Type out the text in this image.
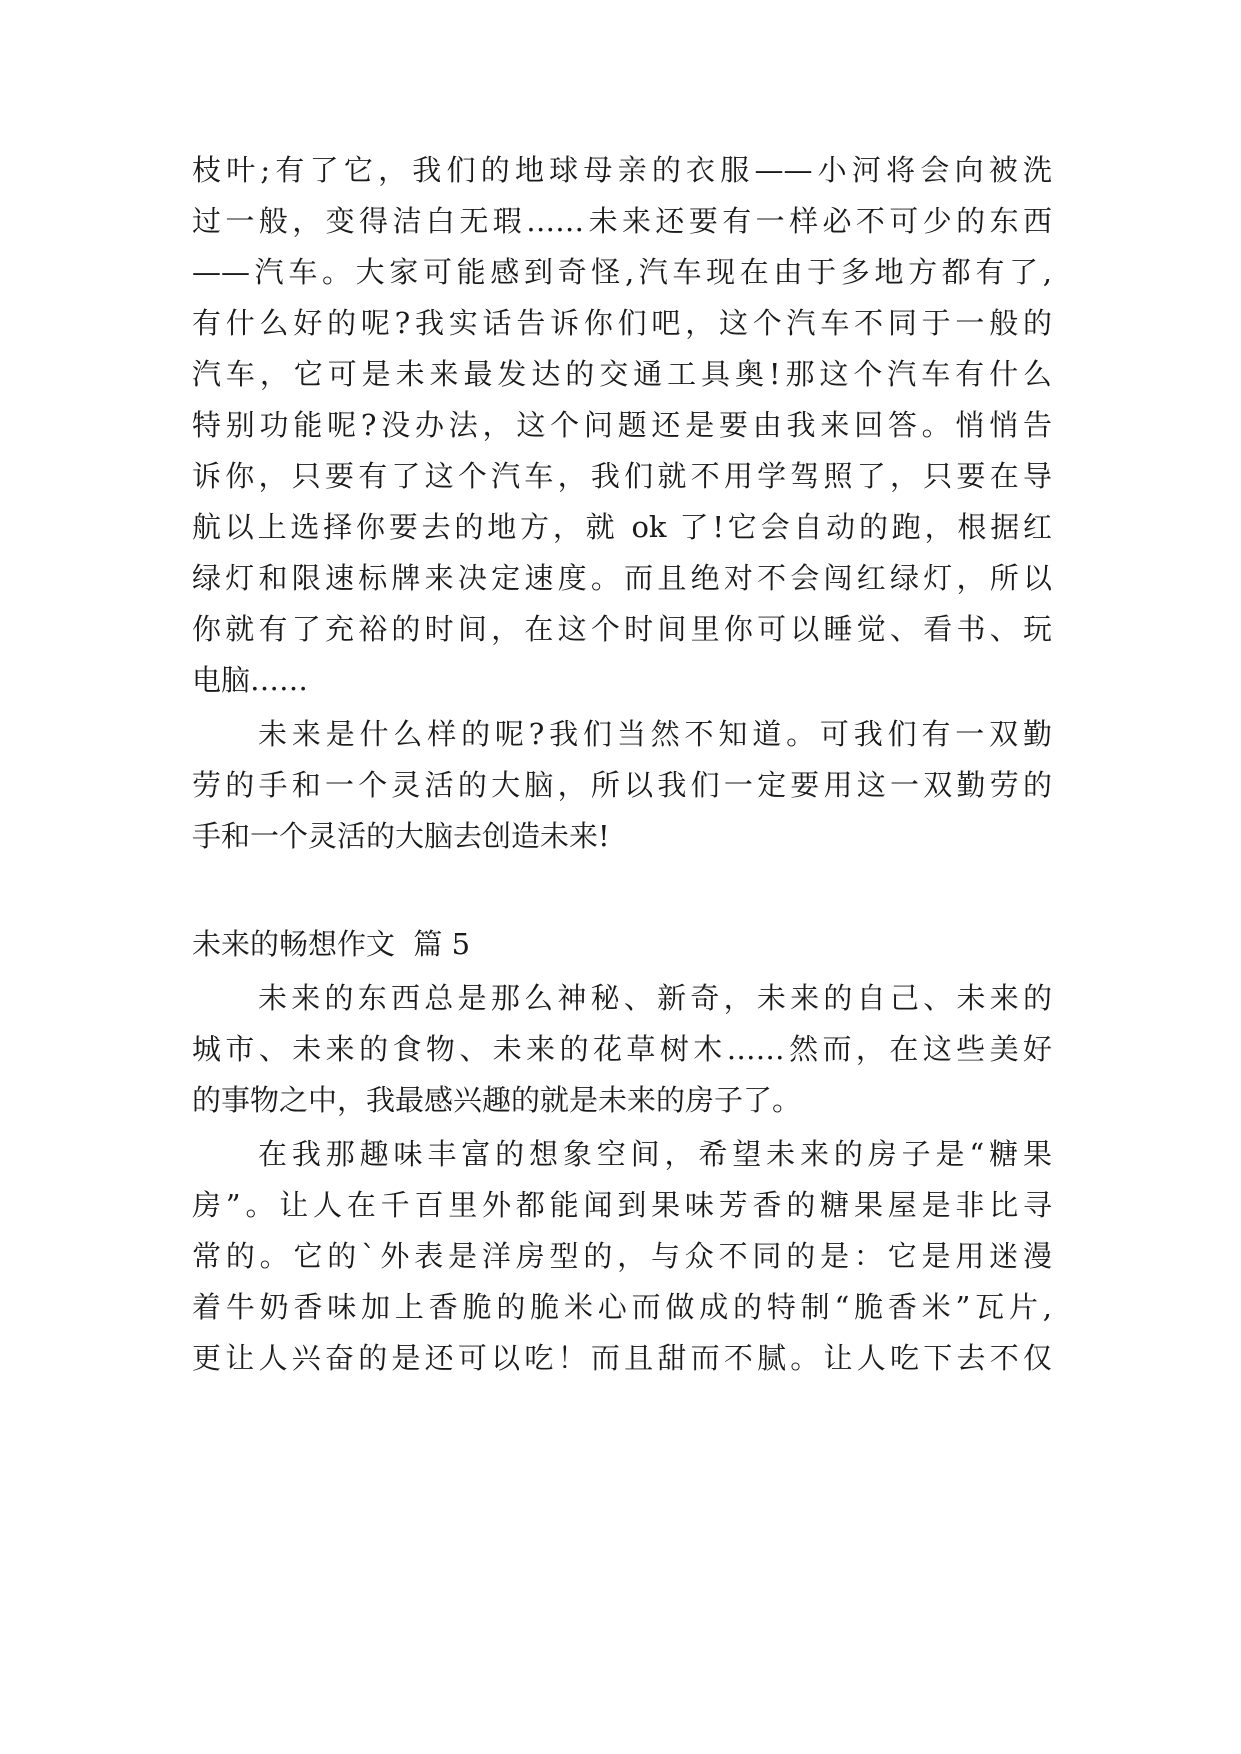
枝叶;有了它，我们的地球母亲的衣服——小河将会向被洗
过一般，变得洁白无瑕……未来还要有一样必不可少的东西
——汽车。大家可能感到奇怪,汽车现在由于多地方都有了,
有什么好的呢?我实话告诉你们吧，这个汽车不同于一般的
汽车，它可是未来最发达的交通工具奥!那这个汽车有什么
特别功能呢?没办法，这个问题还是要由我来回答。悄悄告
诉你，只要有了这个汽车，我们就不用学驾照了，只要在导
航以上选择你要去的地方，就 ok 了!它会自动的跑，根据红
绿灯和限速标牌来决定速度。而且绝对不会闯红绿灯，所以
你就有了充裕的时间，在这个时间里你可以睡觉、看书、玩
电脑……
未来是什么样的呢?我们当然不知道。可我们有一双勤
劳的手和一个灵活的大脑，所以我们一定要用这一双勤劳的
手和一个灵活的大脑去创造未来!
未来的畅想作文  篇 5
未来的东西总是那么神秘、新奇，未来的自己、未来的
城市、未来的食物、未来的花草树木……然而，在这些美好
的事物之中，我最感兴趣的就是未来的房子了。
在我那趣味丰富的想象空间，希望未来的房子是“糖果
房”。让人在千百里外都能闻到果味芳香的糖果屋是非比寻
常的。它的`外表是洋房型的，与众不同的是：它是用迷漫
着牛奶香味加上香脆的脆米心而做成的特制“脆香米”瓦片,
更让人兴奋的是还可以吃！而且甜而不腻。让人吃下去不仅
